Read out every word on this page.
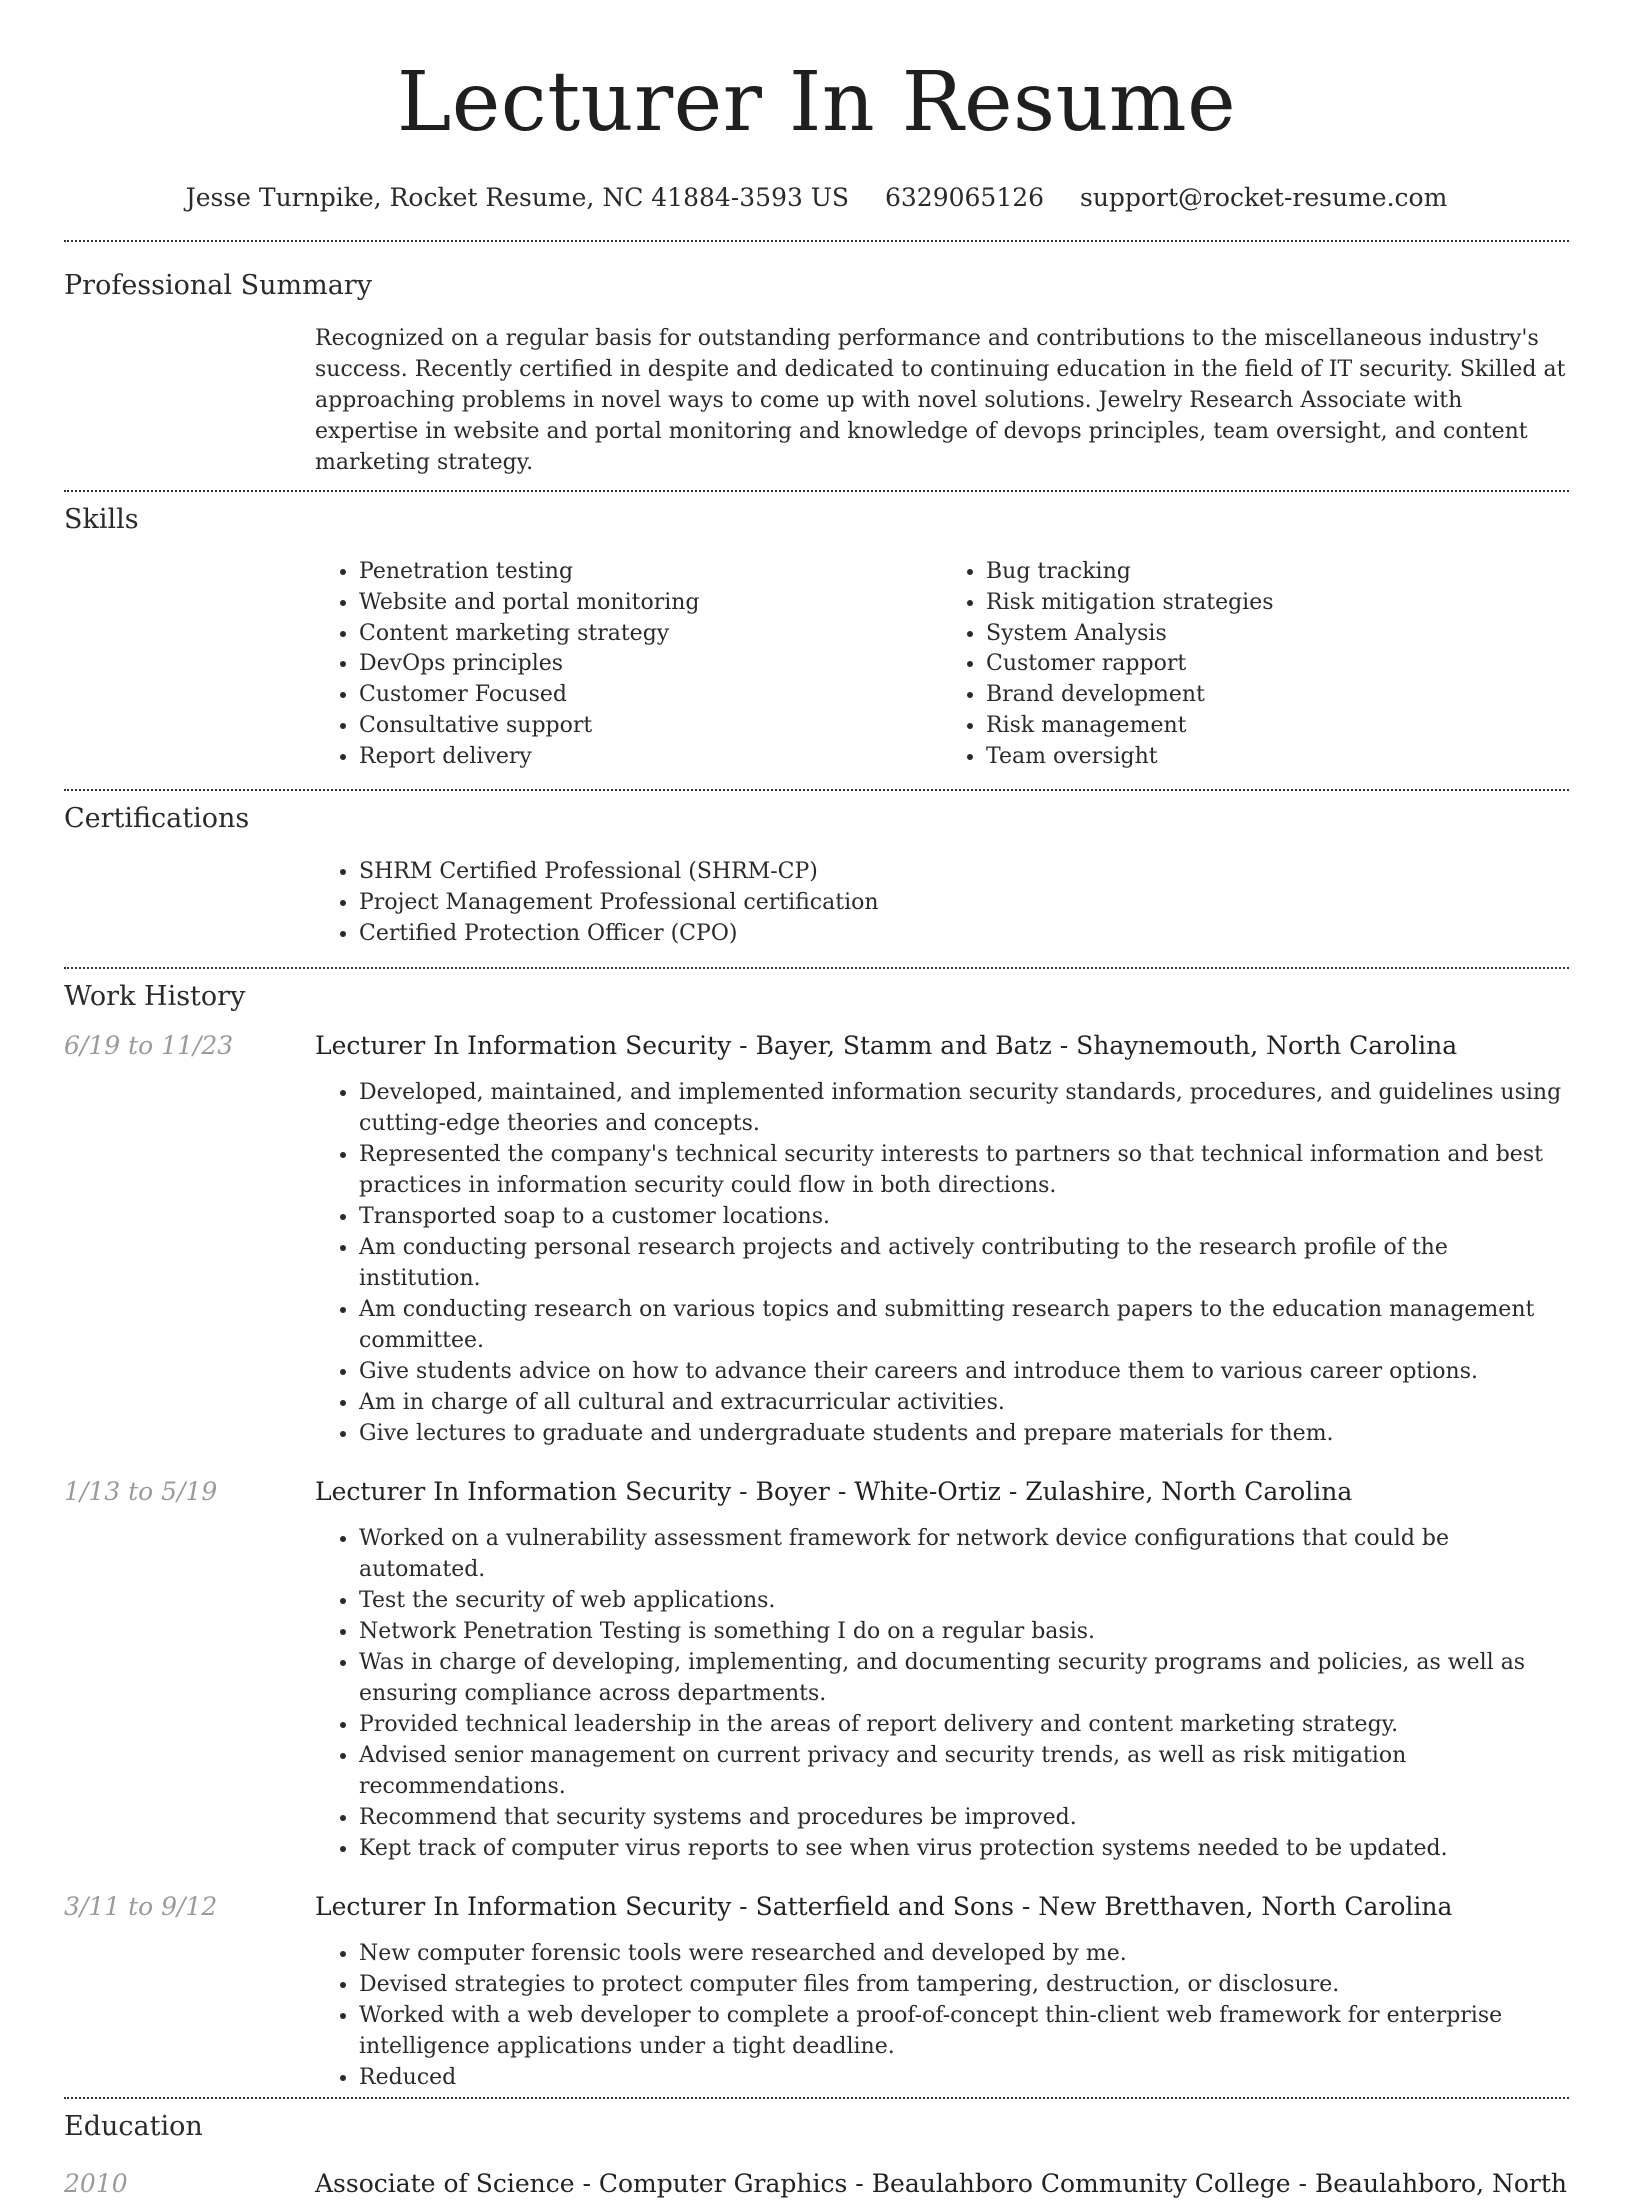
Lecturer In Resume
Jesse Turnpike, Rocket Resume, NC 41884-3593 US 6329065126 support@rocket-resume.com
Professional Summary
Recognized on a regular basis for outstanding performance and contributions to the miscellaneous industry's success. Recently certified in despite and dedicated to continuing education in the field of IT security. Skilled at approaching problems in novel ways to come up with novel solutions. Jewelry Research Associate with expertise in website and portal monitoring and knowledge of devops principles, team oversight, and content marketing strategy.
Skills
• Penetration testing
• Website and portal monitoring
• Content marketing strategy
• DevOps principles
• Customer Focused
• Consultative support
• Report delivery
• Bug tracking
• Risk mitigation strategies
• System Analysis
• Customer rapport
• Brand development
• Risk management
• Team oversight
Certifications
• SHRM Certified Professional (SHRM-CP)
• Project Management Professional certification
• Certified Protection Officer (CPO)
Work History
6/19 to 11/23	Lecturer In Information Security - Bayer, Stamm and Batz - Shaynemouth, North Carolina
• Developed, maintained, and implemented information security standards, procedures, and guidelines using cutting-edge theories and concepts.
• Represented the company's technical security interests to partners so that technical information and best practices in information security could flow in both directions.
• Transported soap to a customer locations.
• Am conducting personal research projects and actively contributing to the research profile of the institution.
• Am conducting research on various topics and submitting research papers to the education management committee.
• Give students advice on how to advance their careers and introduce them to various career options.
• Am in charge of all cultural and extracurricular activities.
• Give lectures to graduate and undergraduate students and prepare materials for them.
1/13 to 5/19	Lecturer In Information Security - Boyer - White-Ortiz - Zulashire, North Carolina
• Worked on a vulnerability assessment framework for network device configurations that could be automated.
• Test the security of web applications.
• Network Penetration Testing is something I do on a regular basis.
• Was in charge of developing, implementing, and documenting security programs and policies, as well as ensuring compliance across departments.
• Provided technical leadership in the areas of report delivery and content marketing strategy.
• Advised senior management on current privacy and security trends, as well as risk mitigation recommendations.
• Recommend that security systems and procedures be improved.
• Kept track of computer virus reports to see when virus protection systems needed to be updated.
3/11 to 9/12	Lecturer In Information Security - Satterfield and Sons - New Bretthaven, North Carolina
• New computer forensic tools were researched and developed by me.
• Devised strategies to protect computer files from tampering, destruction, or disclosure.
• Worked with a web developer to complete a proof-of-concept thin-client web framework for enterprise intelligence applications under a tight deadline.
• Reduced
Education
2010	Associate of Science - Computer Graphics - Beaulahboro Community College - Beaulahboro, North
